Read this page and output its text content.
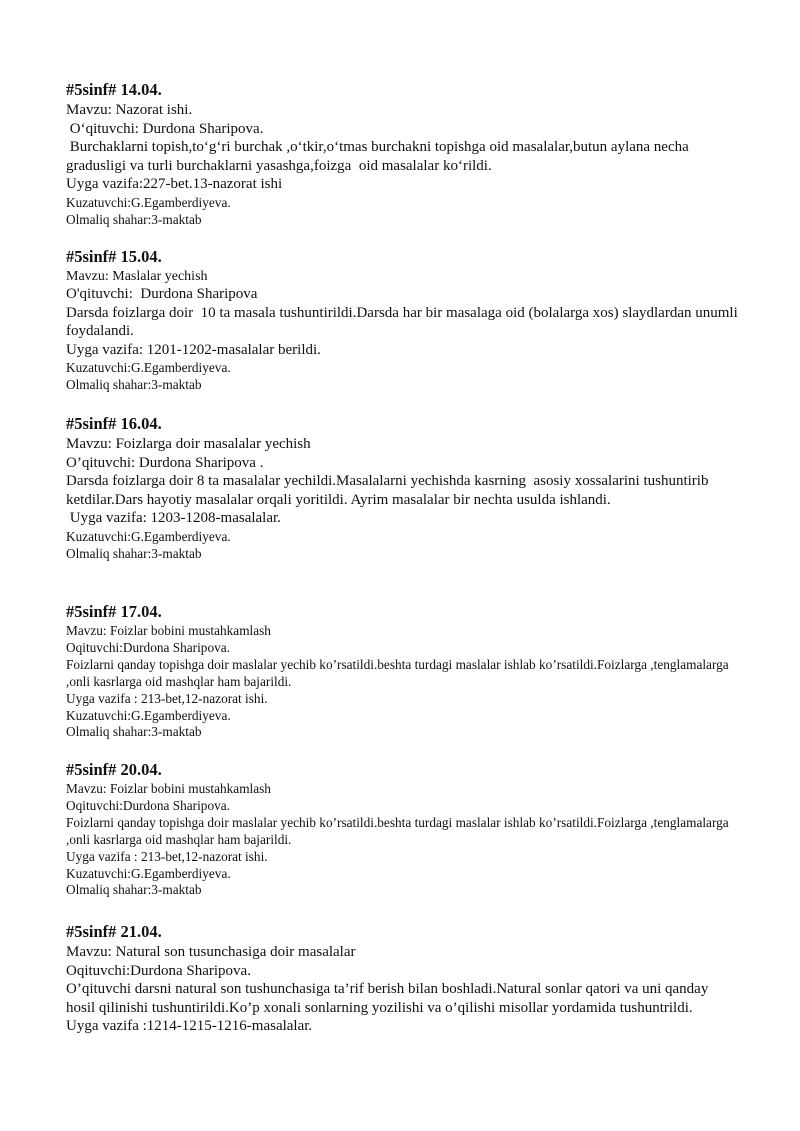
#5sinf# 14.04.
Mavzu: Nazorat ishi.
Oʻqituvchi: Durdona Sharipova.
Burchaklarni topish,toʻgʻri burchak ,oʻtkir,oʻtmas burchakni topishga oid masalalar,butun aylana necha gradusligi va turli burchaklarni yasashga,foizga  oid masalalar koʻrildi.
Uyga vazifa:227-bet.13-nazorat ishi
Kuzatuvchi:G.Egamberdiyeva.
Olmaliq shahar:3-maktab
#5sinf# 15.04.
Mavzu: Maslalar yechish
O'qituvchi:  Durdona Sharipova
Darsda foizlarga doir  10 ta masala tushuntirildi.Darsda har bir masalaga oid (bolalarga xos) slaydlardan unumli foydalandi.
Uyga vazifa: 1201-1202-masalalar berildi.
Kuzatuvchi:G.Egamberdiyeva.
Olmaliq shahar:3-maktab
#5sinf# 16.04.
Mavzu: Foizlarga doir masalalar yechish
O’qituvchi: Durdona Sharipova .
Darsda foizlarga doir 8 ta masalalar yechildi.Masalalarni yechishda kasrning  asosiy xossalarini tushuntirib  ketdilar.Dars hayotiy masalalar orqali yoritildi. Ayrim masalalar bir nechta usulda ishlandi.
Uyga vazifa: 1203-1208-masalalar.
Kuzatuvchi:G.Egamberdiyeva.
Olmaliq shahar:3-maktab
#5sinf# 17.04.
Mavzu: Foizlar bobini mustahkamlash
Oqituvchi:Durdona Sharipova.
Foizlarni qanday topishga doir maslalar yechib ko’rsatildi.beshta turdagi maslalar ishlab ko’rsatildi.Foizlarga ,tenglamalarga ,onli kasrlarga oid mashqlar ham bajarildi.
Uyga vazifa : 213-bet,12-nazorat ishi.
Kuzatuvchi:G.Egamberdiyeva.
Olmaliq shahar:3-maktab
#5sinf# 20.04.
Mavzu: Foizlar bobini mustahkamlash
Oqituvchi:Durdona Sharipova.
Foizlarni qanday topishga doir maslalar yechib ko’rsatildi.beshta turdagi maslalar ishlab ko’rsatildi.Foizlarga ,tenglamalarga ,onli kasrlarga oid mashqlar ham bajarildi.
Uyga vazifa : 213-bet,12-nazorat ishi.
Kuzatuvchi:G.Egamberdiyeva.
Olmaliq shahar:3-maktab
#5sinf# 21.04.
Mavzu: Natural son tusunchasiga doir masalalar
Oqituvchi:Durdona Sharipova.
O’qituvchi darsni natural son tushunchasiga ta’rif berish bilan boshladi.Natural sonlar qatori va uni qanday hosil qilinishi tushuntirildi.Ko’p xonali sonlarning yozilishi va o’qilishi misollar yordamida tushuntrildi.
Uyga vazifa :1214-1215-1216-masalalar.
